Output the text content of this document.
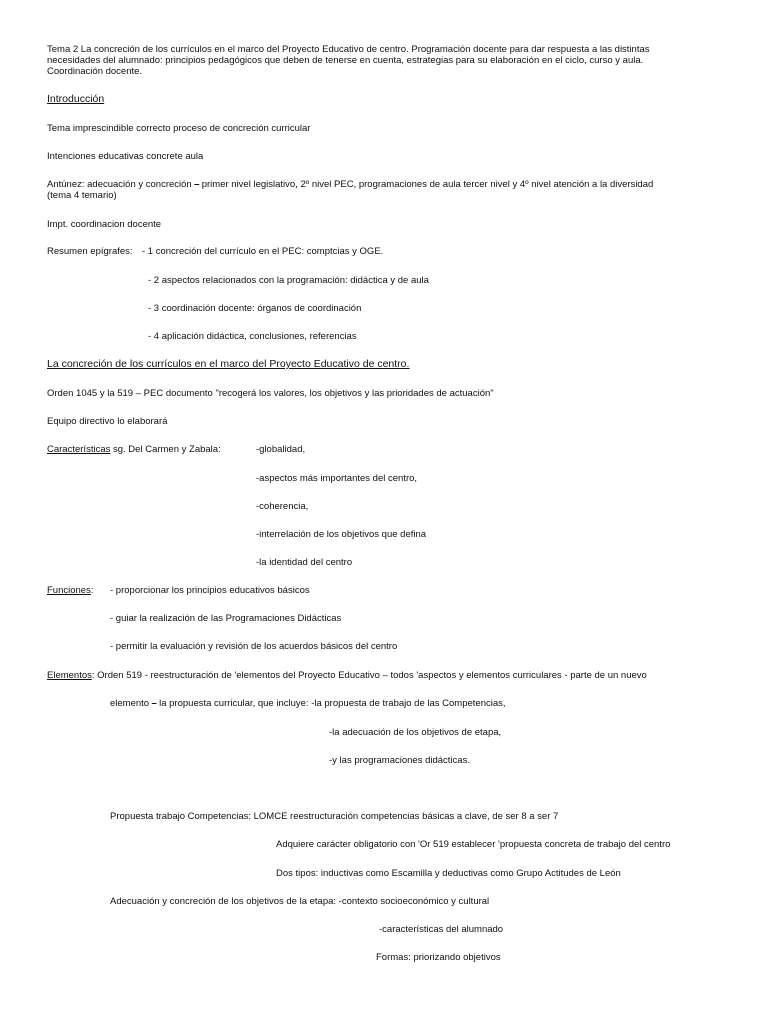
Tema 2 La concreción de los currículos en el marco del Proyecto Educativo de centro. Programación docente para dar respuesta a las distintas
necesidades del alumnado: principios pedagógicos que deben de tenerse en cuenta, estrategias para su elaboración en el ciclo, curso y aula.
Coordinación docente.
Introducción
Tema imprescindible correcto proceso de concreción curricular
Intenciones educativas concrete aula
Antúnez: adecuación y concreción ⎯ primer nivel legislativo, 2º nivel PEC, programaciones de aula tercer nivel y 4º nivel atención a la diversidad
(tema 4 temario)
Impt. coordinacion docente
Resumen epígrafes: - 1 concreción del currículo en el PEC: comptcias y OGE.
- 2 aspectos relacionados con la programación: didáctica y de aula
- 3 coordinación docente: órganos de coordinación
- 4 aplicación didáctica, conclusiones, referencias
La concreción de los currículos en el marco del Proyecto Educativo de centro.
Orden 1045 y la 519 – PEC documento "recogerá los valores, los objetivos y las prioridades de actuación"
Equipo directivo lo elaborará
Características sg. Del Carmen y Zabala:	-globalidad,
-aspectos más importantes del centro,
-coherencia,
-interrelación de los objetivos que defina
-la identidad del centro
Funciones: - proporcionar los principios educativos básicos
- guiar la realización de las Programaciones Didácticas
- permitir la evaluación y revisión de los acuerdos básicos del centro
Elementos: Orden 519 - reestructuración de 'elementos del Proyecto Educativo – todos 'aspectos y elementos curriculares - parte de un nuevo
elemento ⎯ la propuesta curricular, que incluye: -la propuesta de trabajo de las Competencias,
-la adecuación de los objetivos de etapa,
-y las programaciones didácticas.
Propuesta trabajo Competencias: LOMCE reestructuración competencias básicas a clave, de ser 8 a ser 7
Adquiere carácter obligatorio con 'Or 519 establecer 'propuesta concreta de trabajo del centro
Dos tipos: inductivas como Escamilla y deductivas como Grupo Actitudes de León
Adecuación y concreción de los objetivos de la etapa: -contexto socioeconómico y cultural
-características del alumnado
Formas: priorizando objetivos
